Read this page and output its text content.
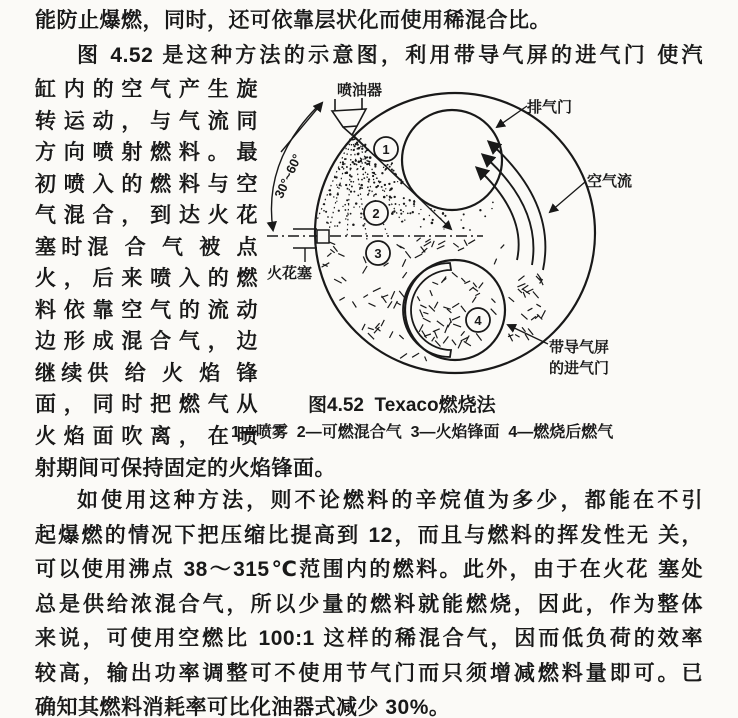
能防止爆燃，同时，还可依靠层状化而使用稀混合比。
图 4.52 是这种方法的示意图，利用带导气屏的进气门 使汽
缸内的空气产生旋
转运动，与气流同
方向喷射燃料。最
初喷入的燃料与空
气混合，到达火花
塞时混 合 气 被 点
火，后来喷入的燃
料依靠空气的流动
边形成混合气，边
继续供 给 火 焰 锋
面，同时把燃气从
火焰面吹离，在喷
射期间可保持固定的火焰锋面。
如使用这种方法，则不论燃料的辛烷值为多少，都能在不引
起爆燃的情况下把压缩比提高到 12，而且与燃料的挥发性无 关，
可以使用沸点 38～315℃范围内的燃料。此外，由于在火花 塞处
总是供给浓混合气，所以少量的燃料就能燃烧，因此，作为整体
来说，可使用空燃比 100:1 这样的稀混合气，因而低负荷的效率
较高，输出功率调整可不使用节气门而只须增减燃料量即可。已
确知其燃料消耗率可比化油器式减少 30%。
30°~60°
1
2
3
4
喷油器
排气门
空气流
火花塞
带导气屏
的进气门
图4.52  Texaco燃烧法
1—喷雾  2—可燃混合气  3—火焰锋面  4—燃烧后燃气
